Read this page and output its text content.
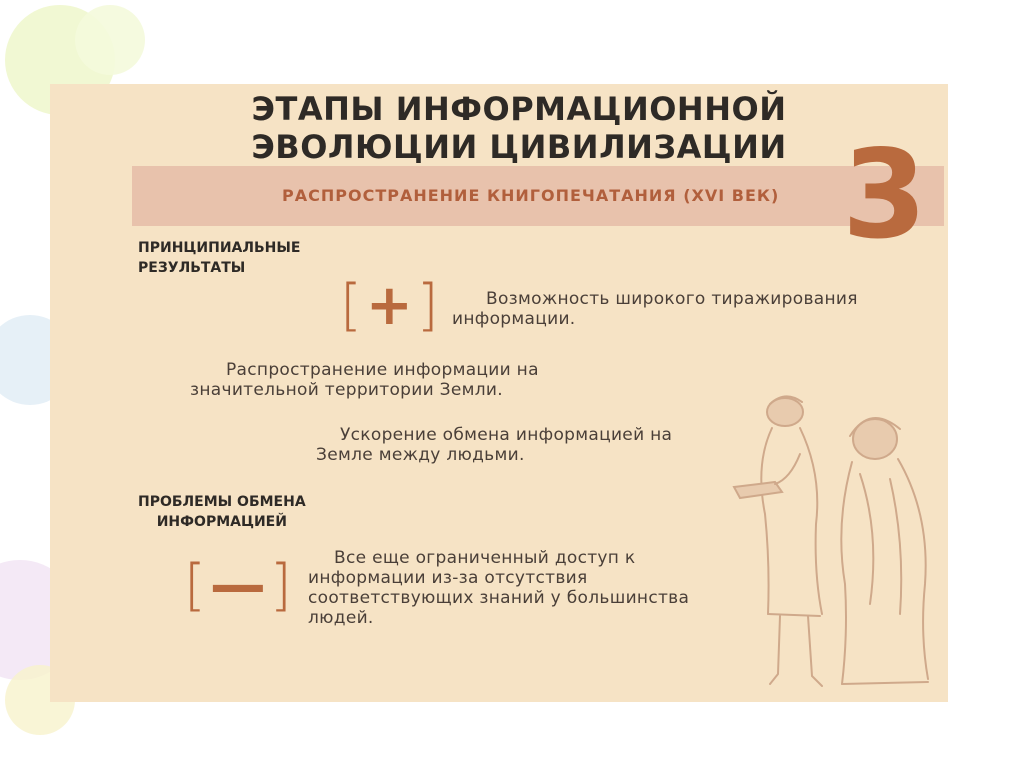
ЭТАПЫ ИНФОРМАЦИОННОЙ
ЭВОЛЮЦИИ ЦИВИЛИЗАЦИИ
РАСПРОСТРАНЕНИЕ КНИГОПЕЧАТАНИЯ (XVI ВЕК) 3
ПРИНЦИПИАЛЬНЫЕ
РЕЗУЛЬТАТЫ
[+]	Возможность широкого тиражирования
информации.
Распространение информации на
значительной территории Земли.
Ускорение обмена информацией на
Земле между людьми.
ПРОБЛЕМЫ ОБМЕНА
ИНФОРМАЦИЕЙ
[—]	Все еще ограниченный доступ к
информации из-за отсутствия
соответствующих знаний у большинства
людей.
